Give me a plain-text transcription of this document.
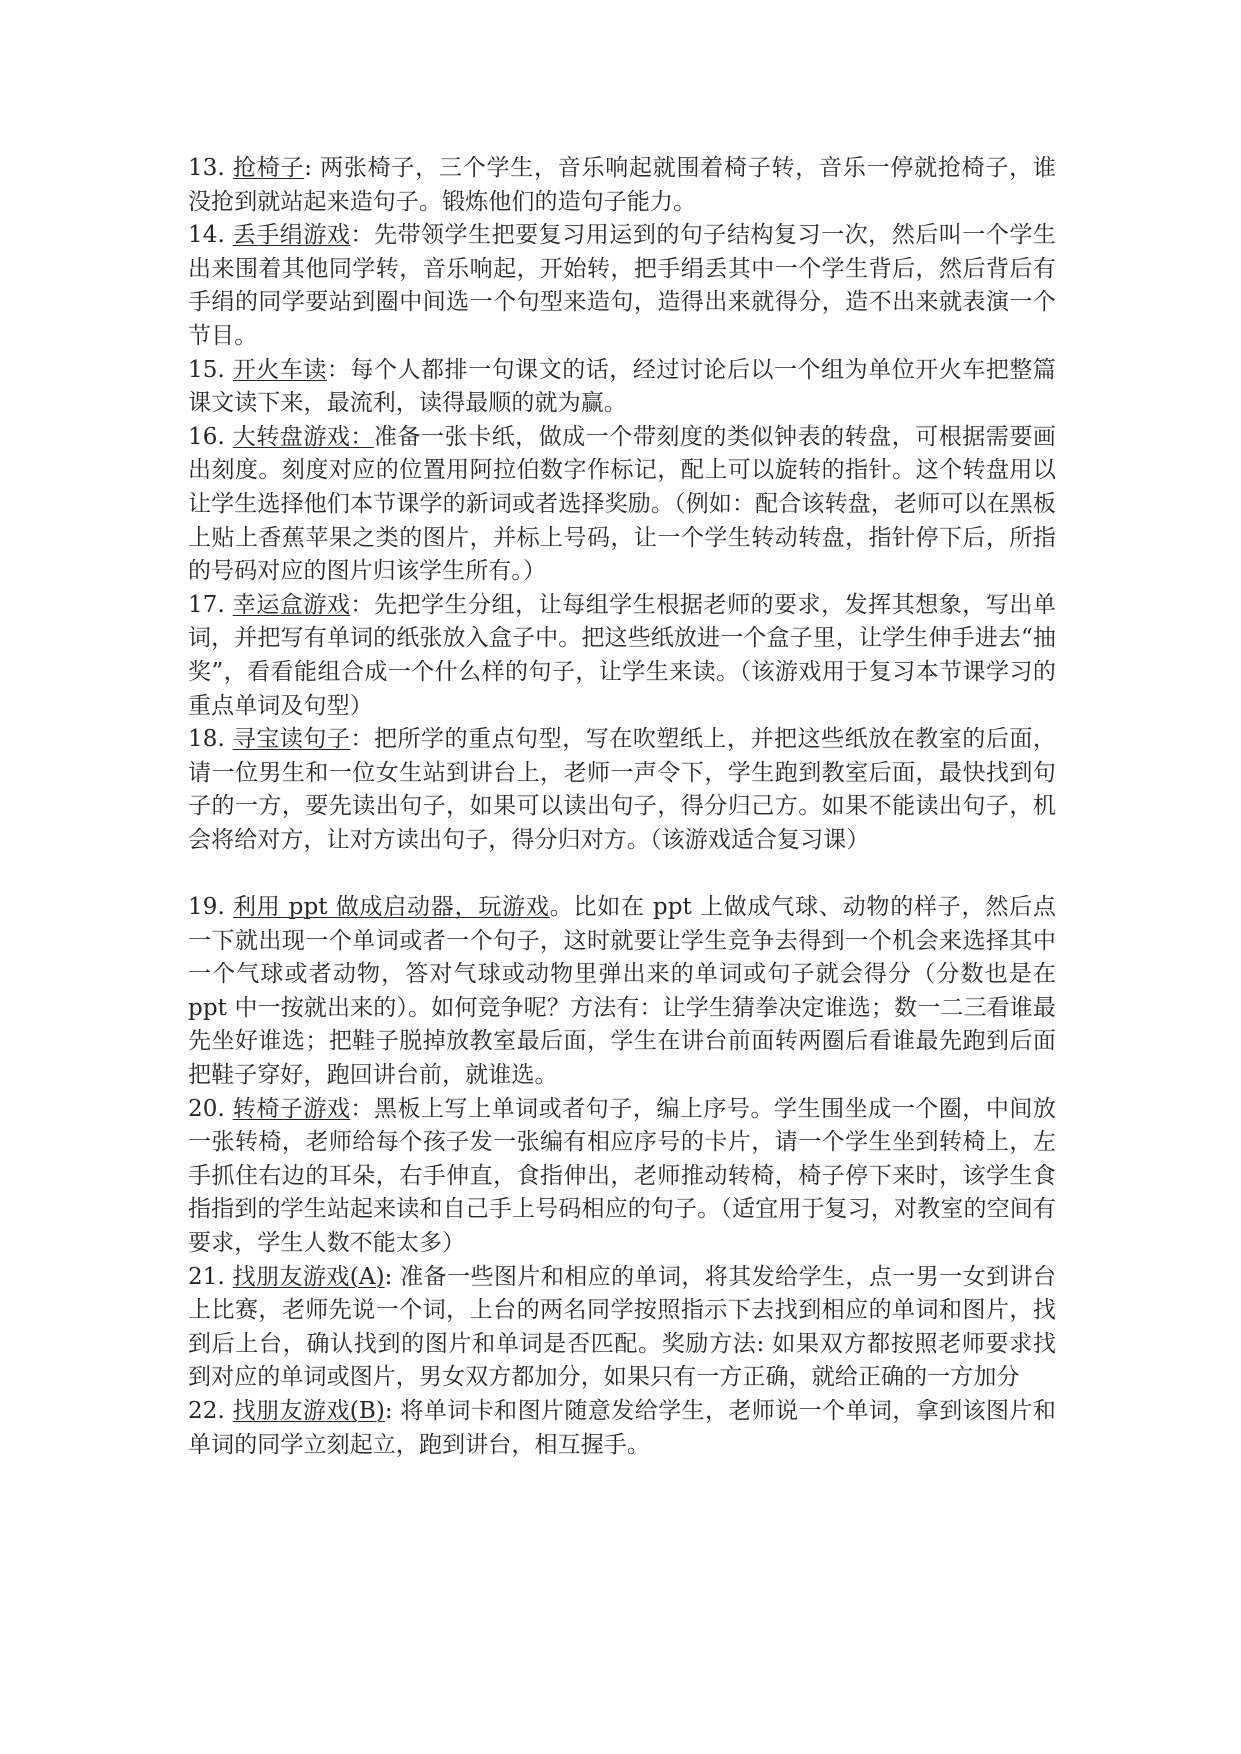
13. 抢椅子: 两张椅子，三个学生，音乐响起就围着椅子转，音乐一停就抢椅子，谁没抢到就站起来造句子。锻炼他们的造句子能力。

14. 丢手绢游戏：先带领学生把要复习用运到的句子结构复习一次，然后叫一个学生出来围着其他同学转，音乐响起，开始转，把手绢丢其中一个学生背后，然后背后有手绢的同学要站到圈中间选一个句型来造句，造得出来就得分，造不出来就表演一个节目。

15. 开火车读：每个人都排一句课文的话，经过讨论后以一个组为单位开火车把整篇课文读下来，最流利，读得最顺的就为赢。

16. 大转盘游戏：准备一张卡纸，做成一个带刻度的类似钟表的转盘，可根据需要画出刻度。刻度对应的位置用阿拉伯数字作标记，配上可以旋转的指针。这个转盘用以让学生选择他们本节课学的新词或者选择奖励。（例如：配合该转盘，老师可以在黑板上贴上香蕉苹果之类的图片，并标上号码，让一个学生转动转盘，指针停下后，所指的号码对应的图片归该学生所有。）

17. 幸运盒游戏：先把学生分组，让每组学生根据老师的要求，发挥其想象，写出单词，并把写有单词的纸张放入盒子中。把这些纸放进一个盒子里，让学生伸手进去“抽奖”，看看能组合成一个什么样的句子，让学生来读。（该游戏用于复习本节课学习的重点单词及句型）

18. 寻宝读句子：把所学的重点句型，写在吹塑纸上，并把这些纸放在教室的后面，请一位男生和一位女生站到讲台上，老师一声令下，学生跑到教室后面，最快找到句子的一方，要先读出句子，如果可以读出句子，得分归己方。如果不能读出句子，机会将给对方，让对方读出句子，得分归对方。（该游戏适合复习课）

19. 利用 ppt 做成启动器，玩游戏。比如在 ppt 上做成气球、动物的样子，然后点一下就出现一个单词或者一个句子，这时就要让学生竞争去得到一个机会来选择其中一个气球或者动物，答对气球或动物里弹出来的单词或句子就会得分（分数也是在 ppt 中一按就出来的）。如何竞争呢？方法有：让学生猜拳决定谁选；数一二三看谁最先坐好谁选；把鞋子脱掉放教室最后面，学生在讲台前面转两圈后看谁最先跑到后面把鞋子穿好，跑回讲台前，就谁选。

20. 转椅子游戏：黑板上写上单词或者句子，编上序号。学生围坐成一个圈，中间放一张转椅，老师给每个孩子发一张编有相应序号的卡片，请一个学生坐到转椅上，左手抓住右边的耳朵，右手伸直，食指伸出，老师推动转椅，椅子停下来时，该学生食指指到的学生站起来读和自己手上号码相应的句子。（适宜用于复习，对教室的空间有要求，学生人数不能太多）

21. 找朋友游戏(A): 准备一些图片和相应的单词，将其发给学生，点一男一女到讲台上比赛，老师先说一个词，上台的两名同学按照指示下去找到相应的单词和图片，找到后上台，确认找到的图片和单词是否匹配。奖励方法: 如果双方都按照老师要求找到对应的单词或图片，男女双方都加分，如果只有一方正确，就给正确的一方加分

22. 找朋友游戏(B): 将单词卡和图片随意发给学生，老师说一个单词，拿到该图片和单词的同学立刻起立，跑到讲台，相互握手。
